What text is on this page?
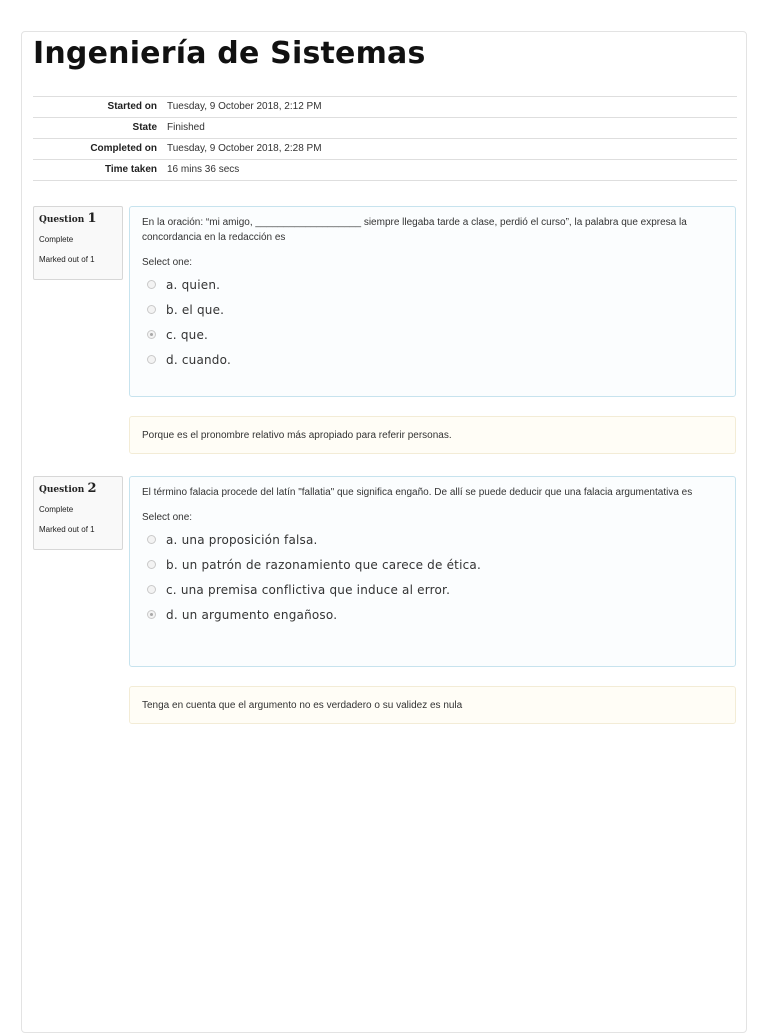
Ingeniería de Sistemas
Started on	Tuesday, 9 October 2018, 2:12 PM
State	Finished
Completed on	Tuesday, 9 October 2018, 2:28 PM
Time taken	16 mins 36 secs
Question 1
Complete
Marked out of 1
En la oración: “mi amigo, ___________________ siempre llegaba tarde a clase, perdió el curso”, la palabra que expresa la concordancia en la redacción es
Select one:
a. quien.
b. el que.
c. que.
d. cuando.
Porque es el pronombre relativo más apropiado para referir personas.
Question 2
Complete
Marked out of 1
El término falacia procede del latín "fallatia" que significa engaño. De allí se puede deducir que una falacia argumentativa es
Select one:
a. una proposición falsa.
b. un patrón de razonamiento que carece de ética.
c. una premisa conflictiva que induce al error.
d. un argumento engañoso.
Tenga en cuenta que el argumento no es verdadero o su validez es nula
